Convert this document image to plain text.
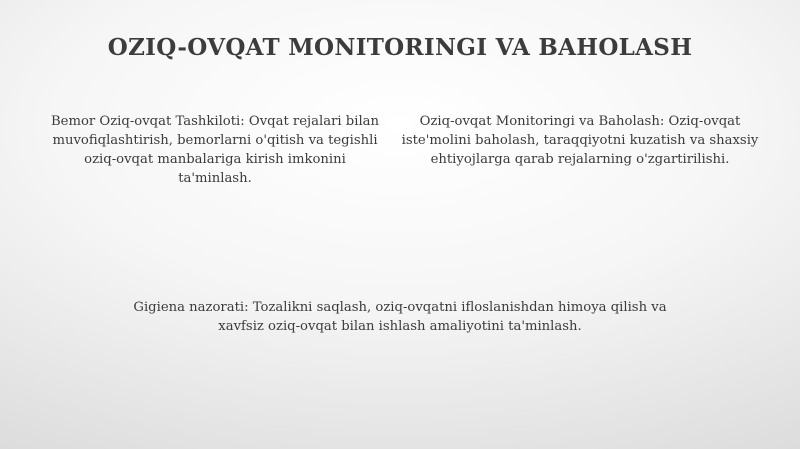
OZIQ-OVQAT MONITORINGI VA BAHOLASH

Bemor Oziq-ovqat Tashkiloti: Ovqat rejalari bilan muvofiqlashtirish, bemorlarni o'qitish va tegishli oziq-ovqat manbalariga kirish imkonini ta'minlash.

Oziq-ovqat Monitoringi va Baholash: Oziq-ovqat iste'molini baholash, taraqqiyotni kuzatish va shaxsiy ehtiyojlarga qarab rejalarning o'zgartirilishi.

Gigiena nazorati: Tozalikni saqlash, oziq-ovqatni ifloslanishdan himoya qilish va xavfsiz oziq-ovqat bilan ishlash amaliyotini ta'minlash.
